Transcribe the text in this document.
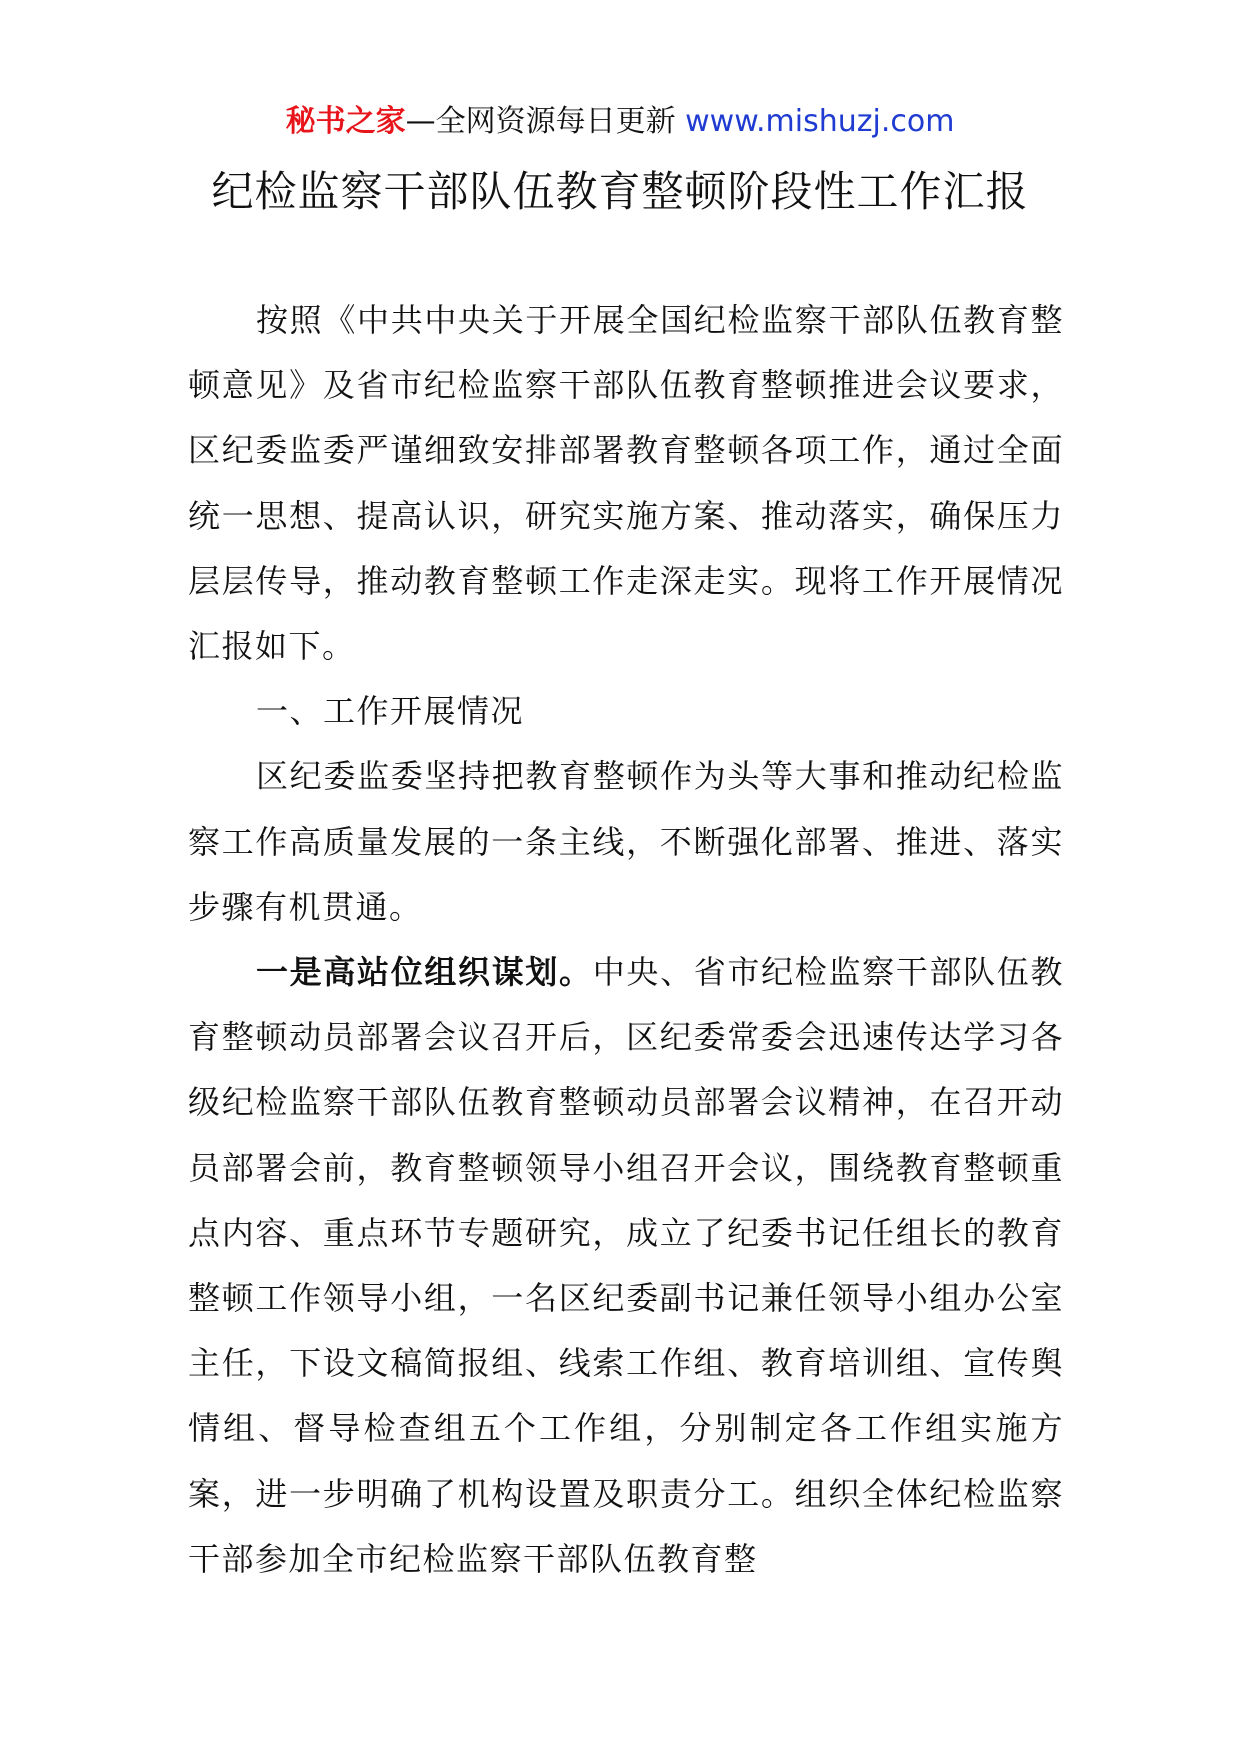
秘书之家—全网资源每日更新 www.mishuzj.com
纪检监察干部队伍教育整顿阶段性工作汇报

按照《中共中央关于开展全国纪检监察干部队伍教育整顿意见》及省市纪检监察干部队伍教育整顿推进会议要求，区纪委监委严谨细致安排部署教育整顿各项工作，通过全面统一思想、提高认识，研究实施方案、推动落实，确保压力层层传导，推动教育整顿工作走深走实。现将工作开展情况汇报如下。

一、工作开展情况

区纪委监委坚持把教育整顿作为头等大事和推动纪检监察工作高质量发展的一条主线，不断强化部署、推进、落实步骤有机贯通。

一是高站位组织谋划。中央、省市纪检监察干部队伍教育整顿动员部署会议召开后，区纪委常委会迅速传达学习各级纪检监察干部队伍教育整顿动员部署会议精神，在召开动员部署会前，教育整顿领导小组召开会议，围绕教育整顿重点内容、重点环节专题研究，成立了纪委书记任组长的教育整顿工作领导小组，一名区纪委副书记兼任领导小组办公室主任，下设文稿简报组、线索工作组、教育培训组、宣传舆情组、督导检查组五个工作组，分别制定各工作组实施方案，进一步明确了机构设置及职责分工。组织全体纪检监察干部参加全市纪检监察干部队伍教育整
